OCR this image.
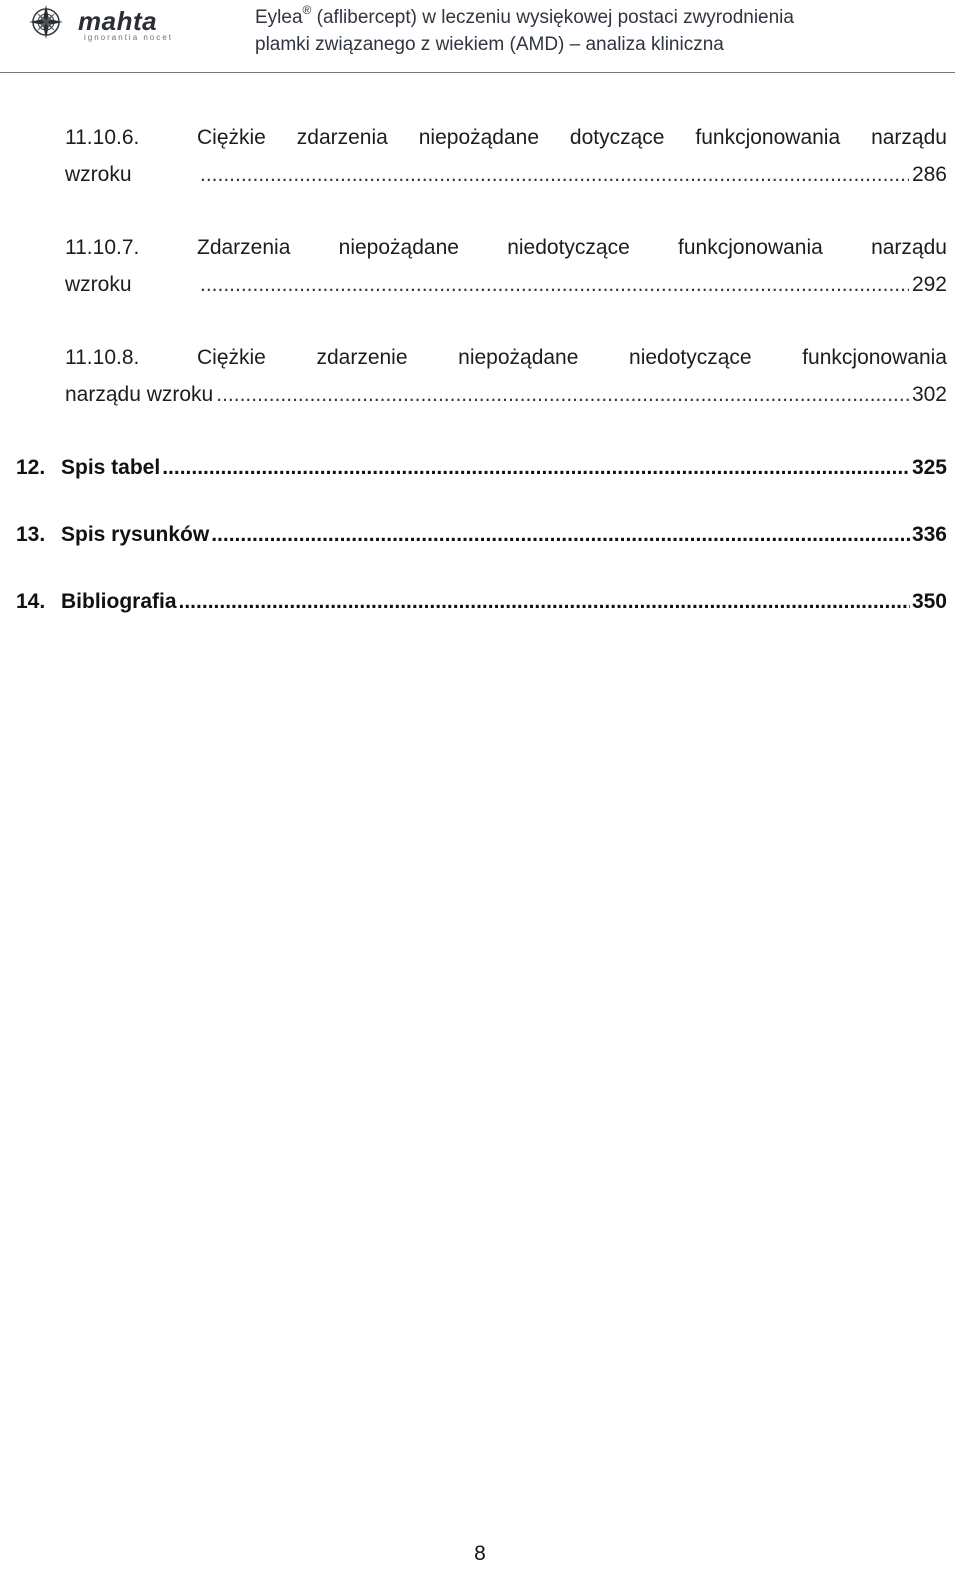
mahta
ignorantia nocet
Eylea® (aflibercept) w leczeniu wysiękowej postaci zwyrodnienia
plamki związanego z wiekiem (AMD) – analiza kliniczna
11.10.6.	Ciężkie zdarzenia niepożądane dotyczące funkcjonowania narządu
wzroku .....	286
11.10.7.	Zdarzenia niepożądane niedotyczące funkcjonowania narządu
wzroku .....	292
11.10.8.	Ciężkie zdarzenie niepożądane niedotyczące funkcjonowania
narządu wzroku .....	302
12. Spis tabel .....	325
13. Spis rysunków .....	336
14. Bibliografia .....	350
8
